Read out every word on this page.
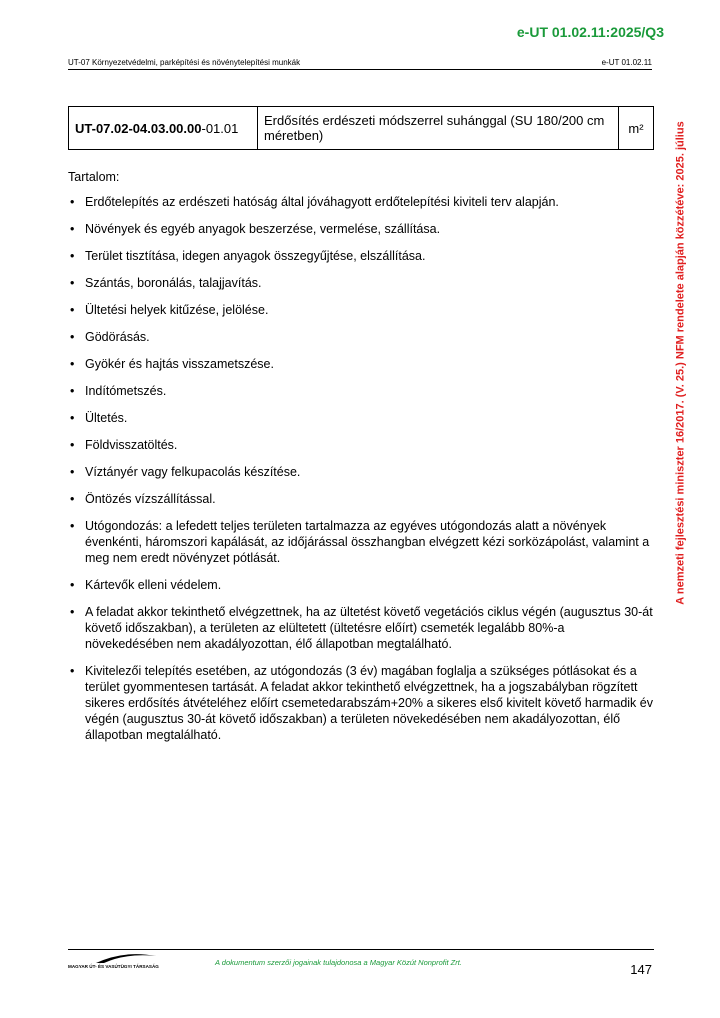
e-UT 01.02.11:2025/Q3
UT-07 Környezetvédelmi, parképítési és növénytelepítési munkák	e-UT 01.02.11
UT-07.02-04.03.00.00-01.01	Erdősítés erdészeti módszerrel suhánggal (SU 180/200 cm méretben)	m²

Tartalom:

• Erdőtelepítés az erdészeti hatóság által jóváhagyott erdőtelepítési kiviteli terv alapján.
• Növények és egyéb anyagok beszerzése, vermelése, szállítása.
• Terület tisztítása, idegen anyagok összegyűjtése, elszállítása.
• Szántás, boronálás, talajjavítás.
• Ültetési helyek kitűzése, jelölése.
• Gödörásás.
• Gyökér és hajtás visszametszése.
• Indítómetszés.
• Ültetés.
• Földvisszatöltés.
• Víztányér vagy felkupacolás készítése.
• Öntözés vízszállítással.
• Utógondozás: a lefedett teljes területen tartalmazza az egyéves utógondozás alatt a növények évenkénti, háromszori kapálását, az időjárással összhangban elvégzett kézi sorközápolást, valamint a meg nem eredt növényzet pótlását.
• Kártevők elleni védelem.
• A feladat akkor tekinthető elvégzettnek, ha az ültetést követő vegetációs ciklus végén (augusztus 30-át követő időszakban), a területen az elültetett (ültetésre előírt) csemeték legalább 80%-a növekedésében nem akadályozottan, élő állapotban megtalálható.
• Kivitelezői telepítés esetében, az utógondozás (3 év) magában foglalja a szükséges pótlásokat és a terület gyommentesen tartását. A feladat akkor tekinthető elvégzettnek, ha a jogszabályban rögzített sikeres erdősítés átvételéhez előírt csemetedarabszám+20% a sikeres első kivitelt követő harmadik év végén (augusztus 30-át követő időszakban) a területen növekedésében nem akadályozottan, élő állapotban megtalálható.
A nemzeti fejlesztési miniszter 16/2017. (V. 25.) NFM rendelete alapján közzétéve: 2025. július
MAGYAR ÚT- ÉS VASÚTÜGYI TÁRSASÁG	A dokumentum szerzői jogainak tulajdonosa a Magyar Közút Nonprofit Zrt.	147
